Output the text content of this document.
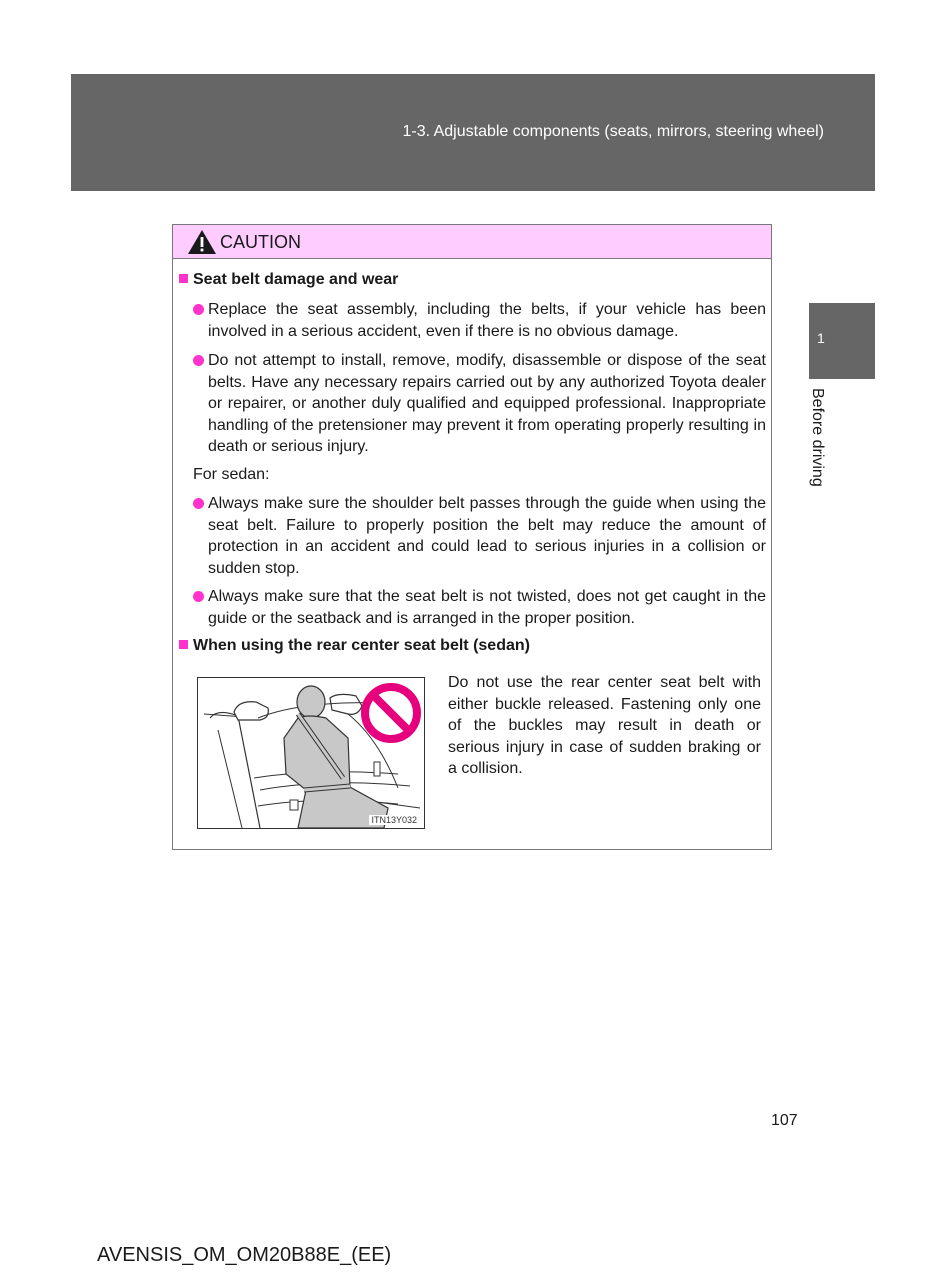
1-3. Adjustable components (seats, mirrors, steering wheel)
1
Before driving
CAUTION
Seat belt damage and wear
Replace the seat assembly, including the belts, if your vehicle has been involved in a serious accident, even if there is no obvious damage.
Do not attempt to install, remove, modify, disassemble or dispose of the seat belts. Have any necessary repairs carried out by any authorized Toyota dealer or repairer, or another duly qualified and equipped professional. Inappropriate handling of the pretensioner may prevent it from operating properly resulting in death or serious injury.
For sedan:
Always make sure the shoulder belt passes through the guide when using the seat belt. Failure to properly position the belt may reduce the amount of protection in an accident and could lead to serious injuries in a collision or sudden stop.
Always make sure that the seat belt is not twisted, does not get caught in the guide or the seatback and is arranged in the proper position.
When using the rear center seat belt (sedan)
ITN13Y032
Do not use the rear center seat belt with either buckle released. Fastening only one of the buckles may result in death or serious injury in case of sudden braking or a collision.
107
AVENSIS_OM_OM20B88E_(EE)
